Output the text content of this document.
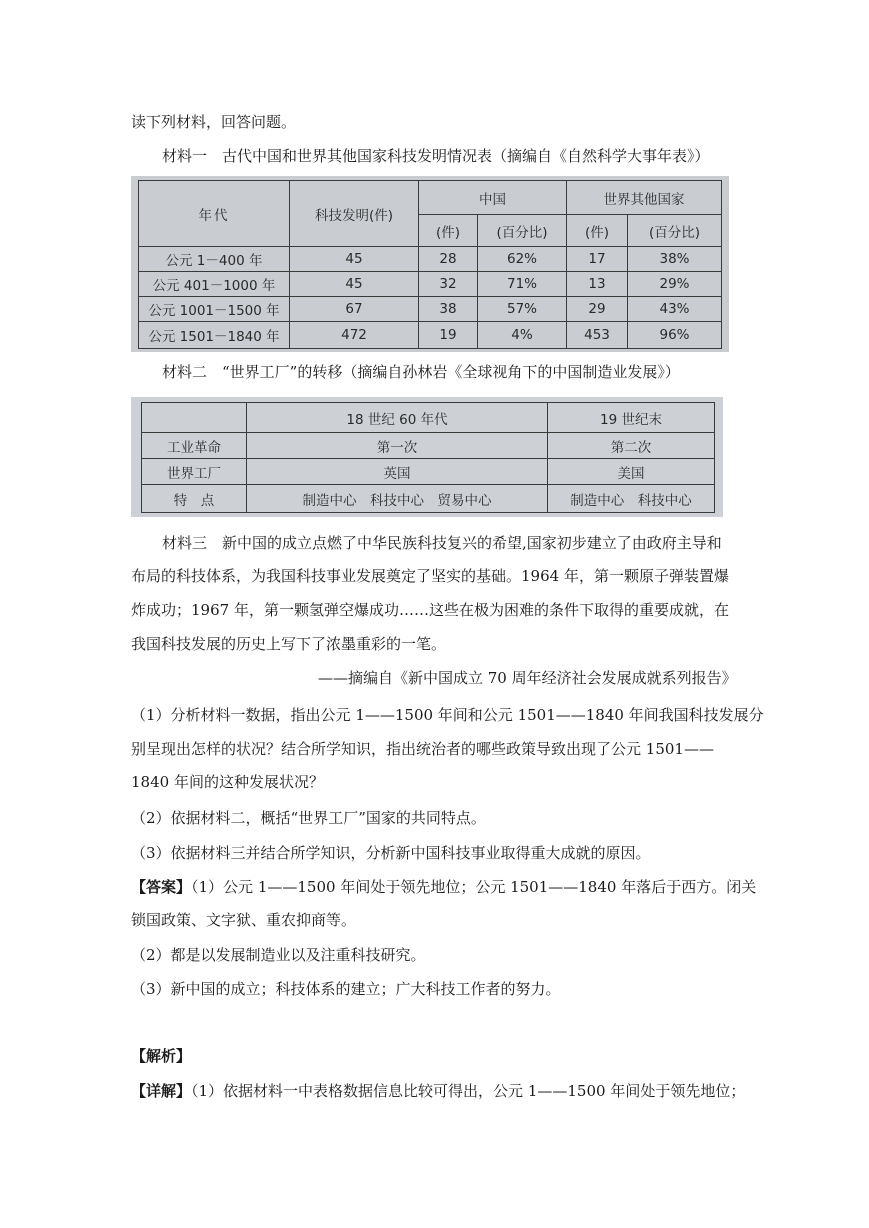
读下列材料，回答问题。
材料一　古代中国和世界其他国家科技发明情况表（摘编自《自然科学大事年表》）
年代	科技发明(件)	中国		世界其他国家	
		(件)	(百分比)	(件)	(百分比)
公元 1－400 年	45	28	62%	17	38%
公元 401－1000 年	45	32	71%	13	29%
公元 1001－1500 年	67	38	57%	29	43%
公元 1501－1840 年	472	19	4%	453	96%
材料二　“世界工厂”的转移（摘编自孙林岩《全球视角下的中国制造业发展》）
	18 世纪 60 年代	19 世纪末
工业革命	第一次	第二次
世界工厂	英国	美国
特　点	制造中心　科技中心　贸易中心	制造中心　科技中心
材料三　新中国的成立点燃了中华民族科技复兴的希望,国家初步建立了由政府主导和
布局的科技体系，为我国科技事业发展奠定了坚实的基础。1964 年，第一颗原子弹装置爆
炸成功；1967 年，第一颗氢弹空爆成功……这些在极为困难的条件下取得的重要成就，在
我国科技发展的历史上写下了浓墨重彩的一笔。
——摘编自《新中国成立 70 周年经济社会发展成就系列报告》
（1）分析材料一数据，指出公元 1——1500 年间和公元 1501——1840 年间我国科技发展分
别呈现出怎样的状况？结合所学知识，指出统治者的哪些政策导致出现了公元 1501——
1840 年间的这种发展状况？
（2）依据材料二，概括“世界工厂”国家的共同特点。
（3）依据材料三并结合所学知识，分析新中国科技事业取得重大成就的原因。
【答案】（1）公元 1——1500 年间处于领先地位；公元 1501——1840 年落后于西方。闭关
锁国政策、文字狱、重农抑商等。
（2）都是以发展制造业以及注重科技研究。
（3）新中国的成立；科技体系的建立；广大科技工作者的努力。
【解析】
【详解】（1）依据材料一中表格数据信息比较可得出，公元 1——1500 年间处于领先地位；
